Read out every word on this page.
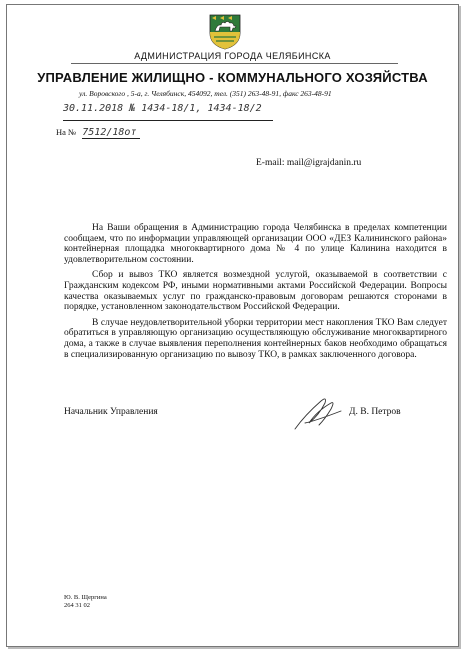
АДМИНИСТРАЦИЯ ГОРОДА ЧЕЛЯБИНСКА
УПРАВЛЕНИЕ ЖИЛИЩНО - КОММУНАЛЬНОГО ХОЗЯЙСТВА
ул. Воровского , 5-а, г. Челябинск, 454092, тел. (351) 263-48-91, факс 263-48-91
30.11.2018 № 1434-18/1, 1434-18/2
На № 7512/18от
E-mail: mail@igrajdanin.ru

На Ваши обращения в Администрацию города Челябинска в пределах компетенции сообщаем, что по информации управляющей организации ООО «ДЕЗ Калининского района» контейнерная площадка многоквартирного дома № 4 по улице Калинина находится в удовлетворительном состоянии.

Сбор и вывоз ТКО является возмездной услугой, оказываемой в соответствии с Гражданским кодексом РФ, иными нормативными актами Российской Федерации. Вопросы качества оказываемых услуг по гражданско-правовым договорам решаются сторонами в порядке, установленном законодательством Российской Федерации.

В случае неудовлетворительной уборки территории мест накопления ТКО Вам следует обратиться в управляющую организацию осуществляющую обслуживание многоквартирного дома, а также в случае выявления переполнения контейнерных баков необходимо обращаться в специализированную организацию по вывозу ТКО, в рамках заключенного договора.

Начальник Управления	Д. В. Петров
Ю. В. Щергина
264 31 02
